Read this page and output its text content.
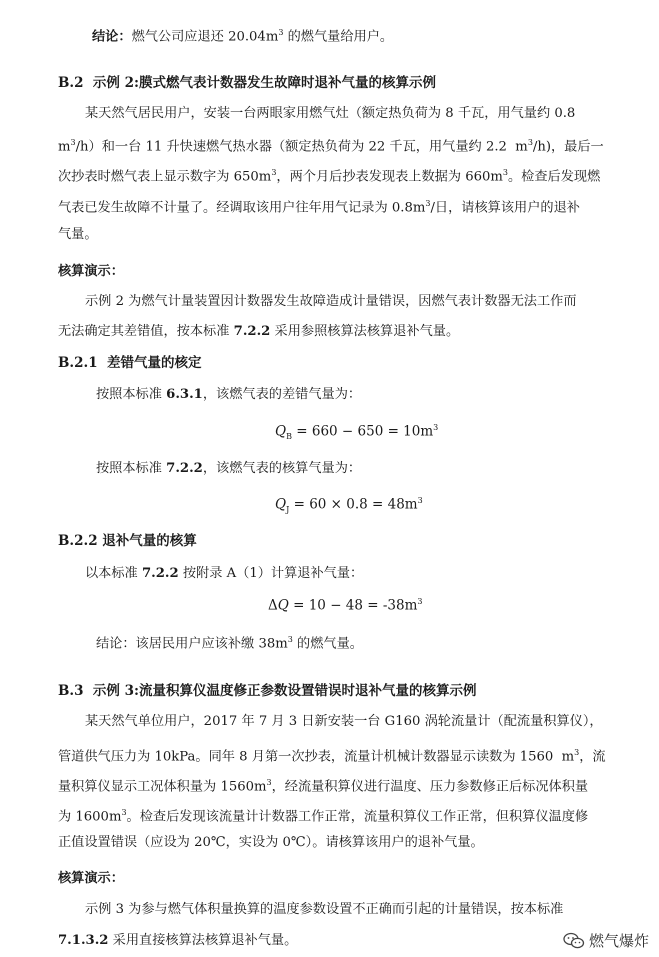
结论：燃气公司应退还 $20.04m^3$ 的燃气量给用户。
B.2  示例 2:膜式燃气表计数器发生故障时退补气量的核算示例
某天然气居民用户，安装一台两眼家用燃气灶（额定热负荷为 8 千瓦，用气量约 0.8
$m^3/h$）和一台 11 升快速燃气热水器（额定热负荷为 22 千瓦，用气量约 2.2  $m^3/h$)，最后一
次抄表时燃气表上显示数字为 $650m^3$，两个月后抄表发现表上数据为 $660m^3$。检查后发现燃
气表已发生故障不计量了。经调取该用户往年用气记录为 $0.8m^3/$日，请核算该用户的退补
气量。
核算演示：
示例 2 为燃气计量装置因计数器发生故障造成计量错误，因燃气表计数器无法工作而
无法确定其差错值，按本标准 7.2.2 采用参照核算法核算退补气量。
B.2.1  差错气量的核定
按照本标准 6.3.1，该燃气表的差错气量为：
按照本标准 7.2.2，该燃气表的核算气量为：
B.2.2 退补气量的核算
以本标准 7.2.2 按附录 A（1）计算退补气量：
结论：该居民用户应该补缴 $38m^3$ 的燃气量。
B.3  示例 3:流量积算仪温度修正参数设置错误时退补气量的核算示例
某天然气单位用户，2017 年 7 月 3 日新安装一台 G160 涡轮流量计（配流量积算仪），
管道供气压力为 10kPa。同年 8 月第一次抄表，流量计机械计数器显示读数为 1560  $m^3$，流
量积算仪显示工况体积量为 $1560m^3$，经流量积算仪进行温度、压力参数修正后标况体积量
为 $1600m^3$。检查后发现该流量计计数器工作正常，流量积算仪工作正常，但积算仪温度修
正值设置错误（应设为 20℃，实设为 0℃）。请核算该用户的退补气量。
核算演示：
示例 3 为参与燃气体积量换算的温度参数设置不正确而引起的计量错误，按本标准
7.1.3.2 采用直接核算法核算退补气量。
$Q_B = 660 - 650 = 10m^3$
$Q_J = 60 \times 0.8 = 48m^3$
$\Delta Q = 10 - 48 = -38m^3$
燃气爆炸
